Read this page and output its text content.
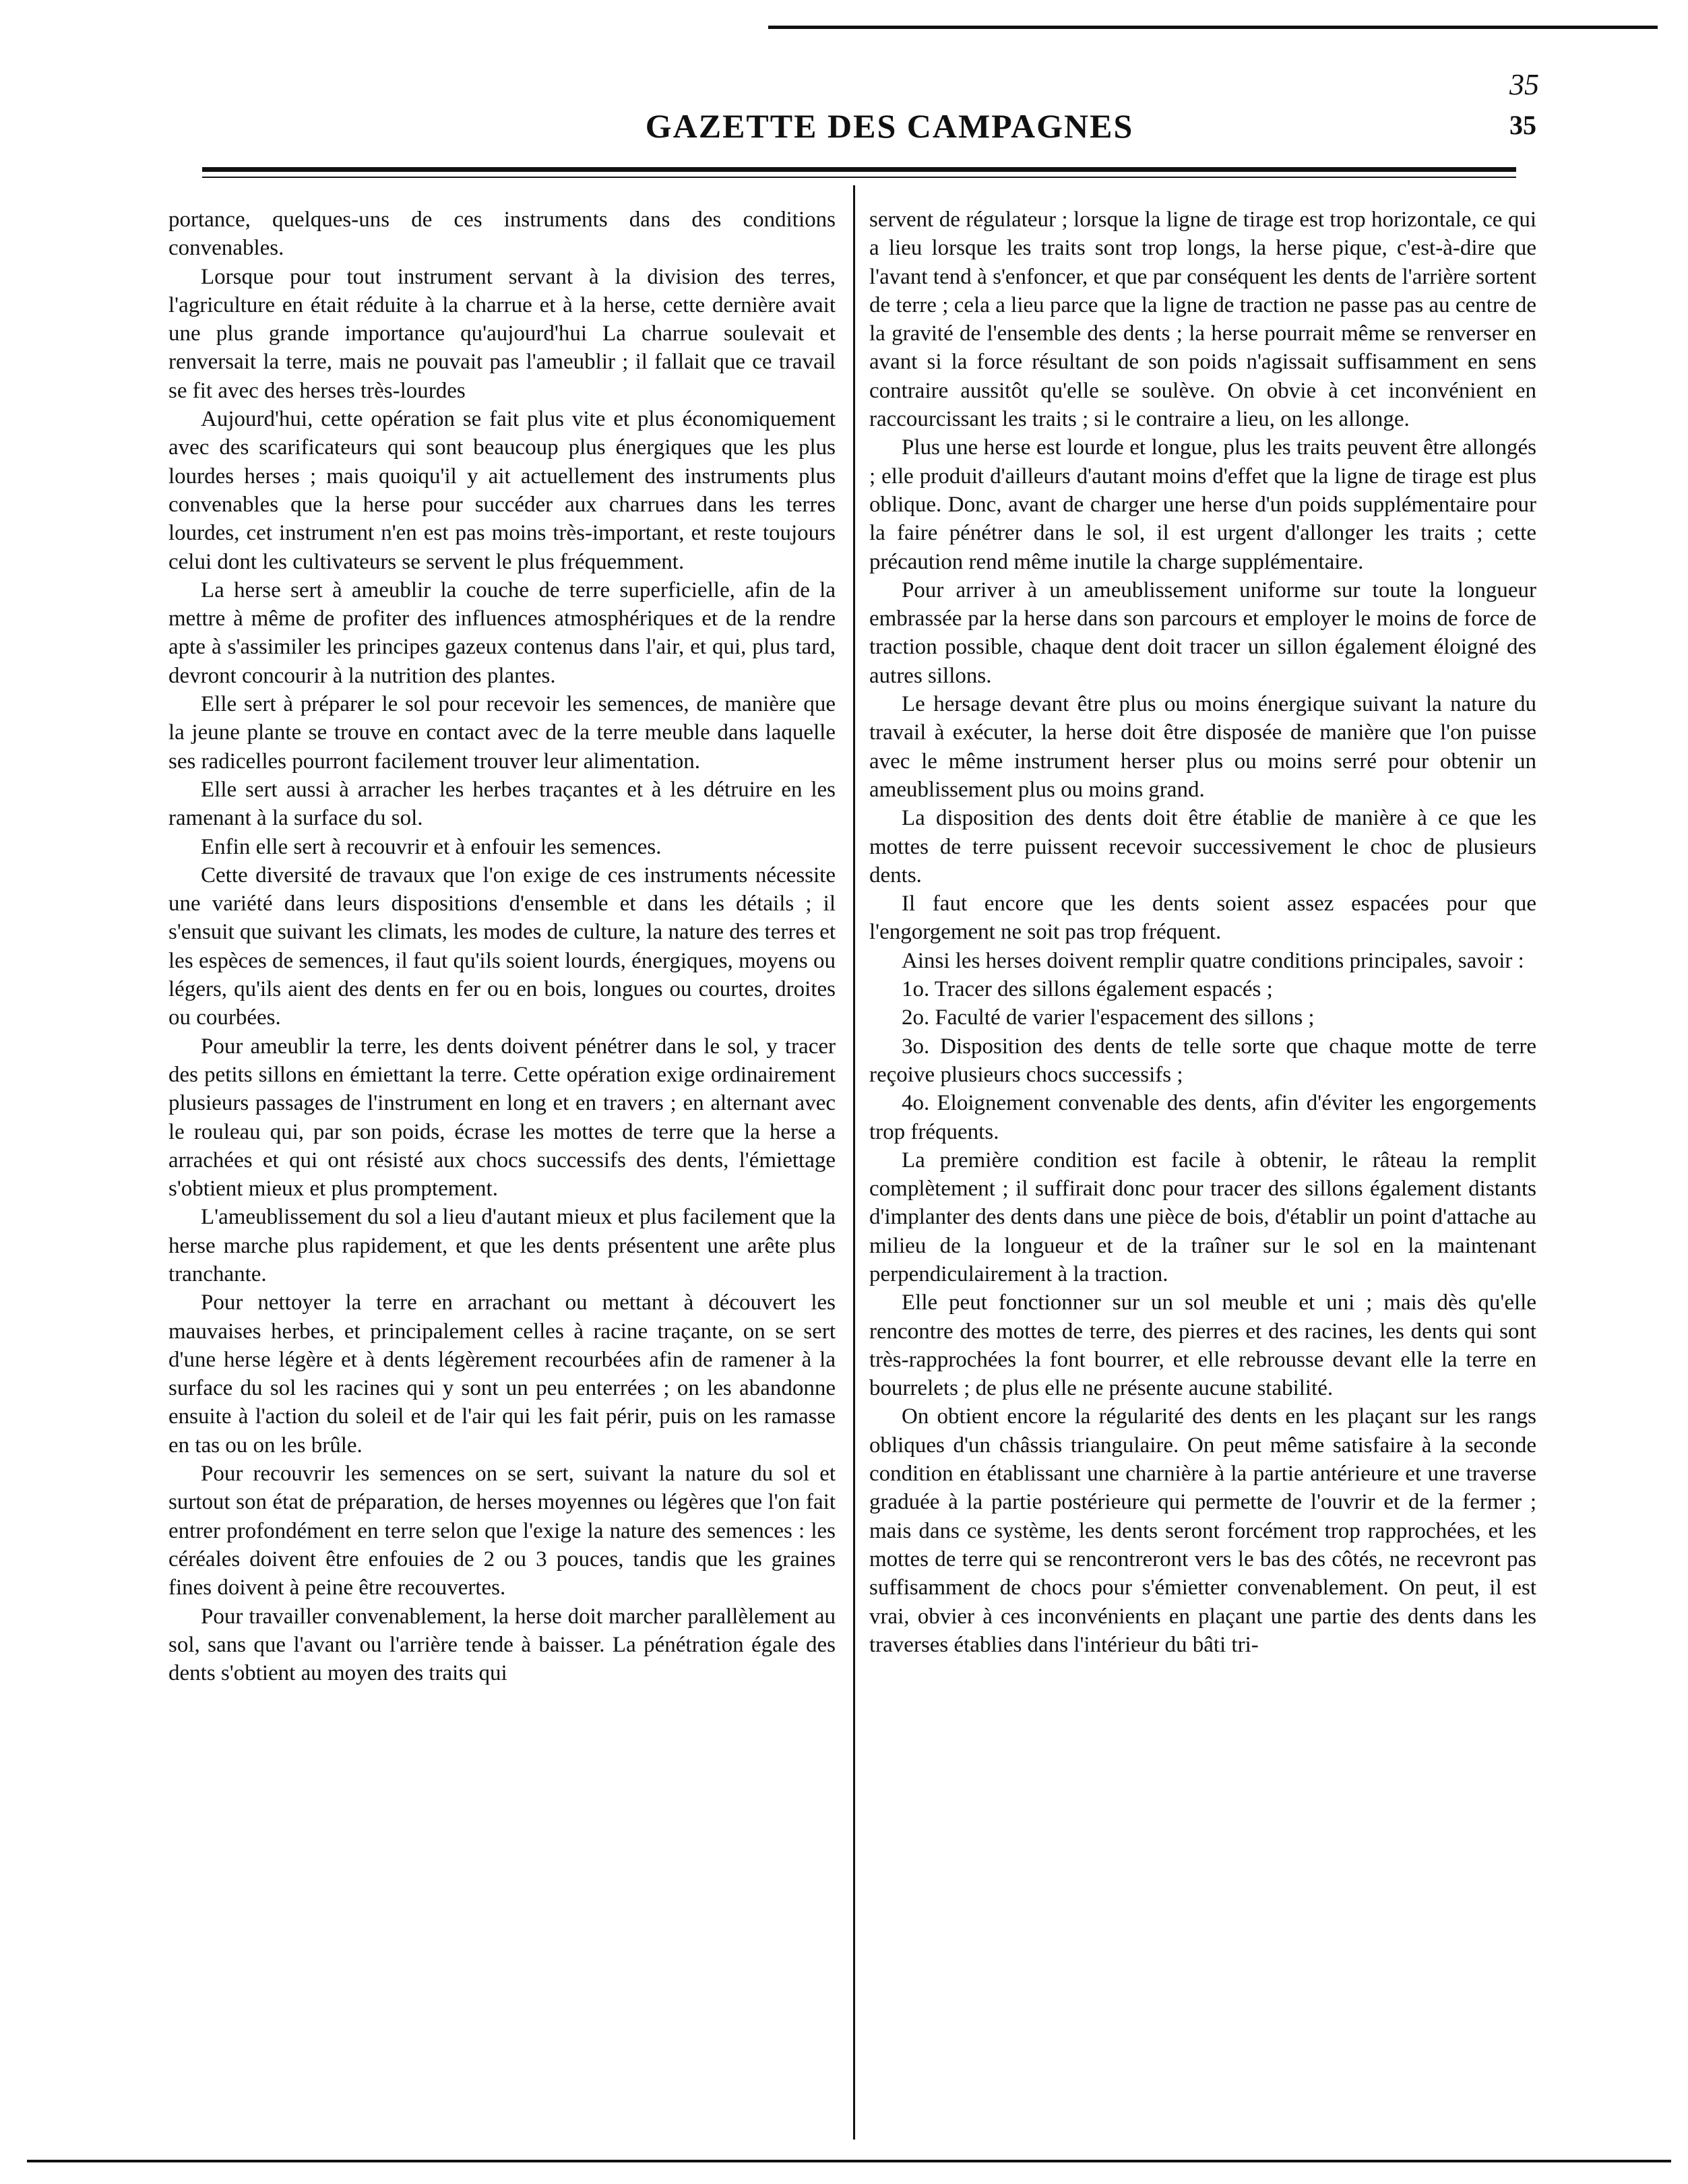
35
35
GAZETTE DES CAMPAGNES

portance, quelques-uns de ces instruments dans des conditions convenables.

Lorsque pour tout instrument servant à la division des terres, l'agriculture en était réduite à la charrue et à la herse, cette dernière avait une plus grande importance qu'aujourd'hui La charrue soulevait et renversait la terre, mais ne pouvait pas l'ameublir ; il fallait que ce travail se fit avec des herses très-lourdes

Aujourd'hui, cette opération se fait plus vite et plus économiquement avec des scarificateurs qui sont beaucoup plus énergiques que les plus lourdes herses ; mais quoiqu'il y ait actuellement des instruments plus convenables que la herse pour succéder aux charrues dans les terres lourdes, cet instrument n'en est pas moins très-important, et reste toujours celui dont les cultivateurs se servent le plus fréquemment.

La herse sert à ameublir la couche de terre superficielle, afin de la mettre à même de profiter des influences atmosphériques et de la rendre apte à s'assimiler les principes gazeux contenus dans l'air, et qui, plus tard, devront concourir à la nutrition des plantes.

Elle sert à préparer le sol pour recevoir les semences, de manière que la jeune plante se trouve en contact avec de la terre meuble dans laquelle ses radicelles pourront facilement trouver leur alimentation.

Elle sert aussi à arracher les herbes traçantes et à les détruire en les ramenant à la surface du sol.

Enfin elle sert à recouvrir et à enfouir les semences.

Cette diversité de travaux que l'on exige de ces instruments nécessite une variété dans leurs dispositions d'ensemble et dans les détails ; il s'ensuit que suivant les climats, les modes de culture, la nature des terres et les espèces de semences, il faut qu'ils soient lourds, énergiques, moyens ou légers, qu'ils aient des dents en fer ou en bois, longues ou courtes, droites ou courbées.

Pour ameublir la terre, les dents doivent pénétrer dans le sol, y tracer des petits sillons en émiettant la terre. Cette opération exige ordinairement plusieurs passages de l'instrument en long et en travers ; en alternant avec le rouleau qui, par son poids, écrase les mottes de terre que la herse a arrachées et qui ont résisté aux chocs successifs des dents, l'émiettage s'obtient mieux et plus promptement.

L'ameublissement du sol a lieu d'autant mieux et plus facilement que la herse marche plus rapidement, et que les dents présentent une arête plus tranchante.

Pour nettoyer la terre en arrachant ou mettant à découvert les mauvaises herbes, et principalement celles à racine traçante, on se sert d'une herse légère et à dents légèrement recourbées afin de ramener à la surface du sol les racines qui y sont un peu enterrées ; on les abandonne ensuite à l'action du soleil et de l'air qui les fait périr, puis on les ramasse en tas ou on les brûle.

Pour recouvrir les semences on se sert, suivant la nature du sol et surtout son état de préparation, de herses moyennes ou légères que l'on fait entrer profondément en terre selon que l'exige la nature des semences : les céréales doivent être enfouies de 2 ou 3 pouces, tandis que les graines fines doivent à peine être recouvertes.

Pour travailler convenablement, la herse doit marcher parallèlement au sol, sans que l'avant ou l'arrière tende à baisser. La pénétration égale des dents s'obtient au moyen des traits qui

servent de régulateur ; lorsque la ligne de tirage est trop horizontale, ce qui a lieu lorsque les traits sont trop longs, la herse pique, c'est-à-dire que l'avant tend à s'enfoncer, et que par conséquent les dents de l'arrière sortent de terre ; cela a lieu parce que la ligne de traction ne passe pas au centre de la gravité de l'ensemble des dents ; la herse pourrait même se renverser en avant si la force résultant de son poids n'agissait suffisamment en sens contraire aussitôt qu'elle se soulève. On obvie à cet inconvénient en raccourcissant les traits ; si le contraire a lieu, on les allonge.

Plus une herse est lourde et longue, plus les traits peuvent être allongés ; elle produit d'ailleurs d'autant moins d'effet que la ligne de tirage est plus oblique. Donc, avant de charger une herse d'un poids supplémentaire pour la faire pénétrer dans le sol, il est urgent d'allonger les traits ; cette précaution rend même inutile la charge supplémentaire.

Pour arriver à un ameublissement uniforme sur toute la longueur embrassée par la herse dans son parcours et employer le moins de force de traction possible, chaque dent doit tracer un sillon également éloigné des autres sillons.

Le hersage devant être plus ou moins énergique suivant la nature du travail à exécuter, la herse doit être disposée de manière que l'on puisse avec le même instrument herser plus ou moins serré pour obtenir un ameublissement plus ou moins grand.

La disposition des dents doit être établie de manière à ce que les mottes de terre puissent recevoir successivement le choc de plusieurs dents.

Il faut encore que les dents soient assez espacées pour que l'engorgement ne soit pas trop fréquent.

Ainsi les herses doivent remplir quatre conditions principales, savoir :

1o. Tracer des sillons également espacés ;

2o. Faculté de varier l'espacement des sillons ;

3o. Disposition des dents de telle sorte que chaque motte de terre reçoive plusieurs chocs successifs ;

4o. Eloignement convenable des dents, afin d'éviter les engorgements trop fréquents.

La première condition est facile à obtenir, le râteau la remplit complètement ; il suffirait donc pour tracer des sillons également distants d'implanter des dents dans une pièce de bois, d'établir un point d'attache au milieu de la longueur et de la traîner sur le sol en la maintenant perpendiculairement à la traction.

Elle peut fonctionner sur un sol meuble et uni ; mais dès qu'elle rencontre des mottes de terre, des pierres et des racines, les dents qui sont très-rapprochées la font bourrer, et elle rebrousse devant elle la terre en bourrelets ; de plus elle ne présente aucune stabilité.

On obtient encore la régularité des dents en les plaçant sur les rangs obliques d'un châssis triangulaire. On peut même satisfaire à la seconde condition en établissant une charnière à la partie antérieure et une traverse graduée à la partie postérieure qui permette de l'ouvrir et de la fermer ; mais dans ce système, les dents seront forcément trop rapprochées, et les mottes de terre qui se rencontreront vers le bas des côtés, ne recevront pas suffisamment de chocs pour s'émietter convenablement. On peut, il est vrai, obvier à ces inconvénients en plaçant une partie des dents dans les traverses établies dans l'intérieur du bâti tri-
